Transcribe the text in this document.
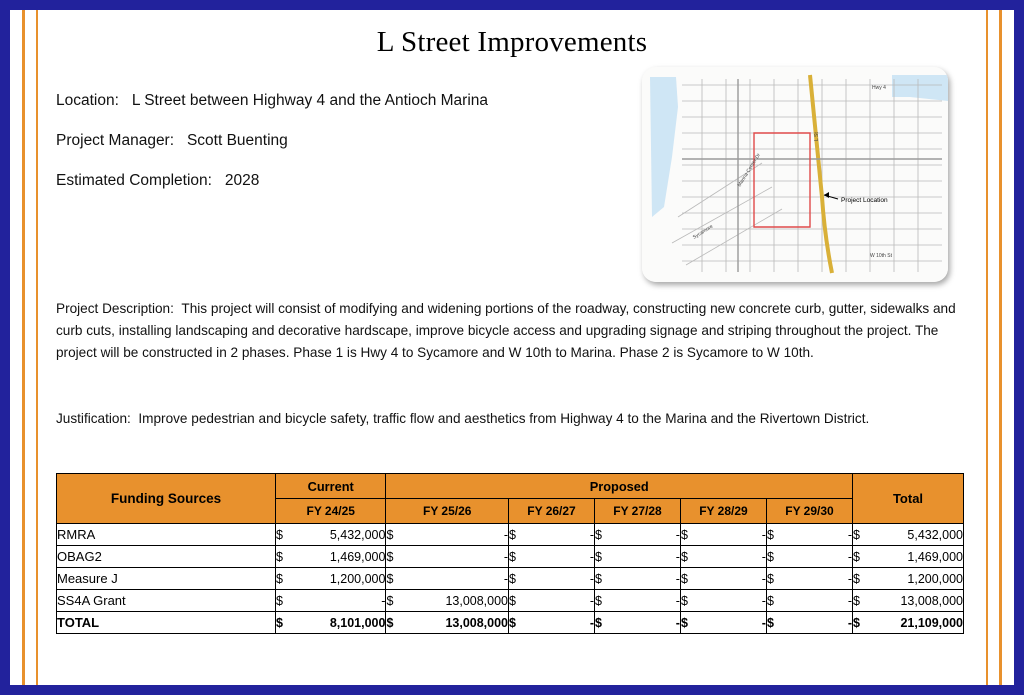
L Street Improvements
Location: L Street between Highway 4 and the Antioch Marina
Project Manager: Scott Buenting
Estimated Completion: 2028
Project Location
Hwy 4
L St
Marina Center Dr
Sycamore
W 10th St
Project Description: This project will consist of modifying and widening portions of the roadway, constructing new concrete curb, gutter, sidewalks and curb cuts, installing landscaping and decorative hardscape, improve bicycle access and upgrading signage and striping throughout the project. The project will be constructed in 2 phases. Phase 1 is Hwy 4 to Sycamore and W 10th to Marina. Phase 2 is Sycamore to W 10th.
Justification: Improve pedestrian and bicycle safety, traffic flow and aesthetics from Highway 4 to the Marina and the Rivertown District.
Funding Sources	Current	Proposed					Total
	FY 24/25	FY 25/26	FY 26/27	FY 27/28	FY 28/29	FY 29/30	
RMRA	$ 5,432,000	$ -	$ -	$ -	$ -	$ -	$ 5,432,000

OBAG2	$ 1,469,000	$ -	$ -	$ -	$ -	$ -	$ 1,469,000

Measure J	$ 1,200,000	$ -	$ -	$ -	$ -	$ -	$ 1,200,000

SS4A Grant	$ -	$ 13,008,000	$ -	$ -	$ -	$ -	$ 13,008,000

TOTAL	$ 8,101,000	$ 13,008,000	$ -	$ -	$ -	$ -	$ 21,109,000
